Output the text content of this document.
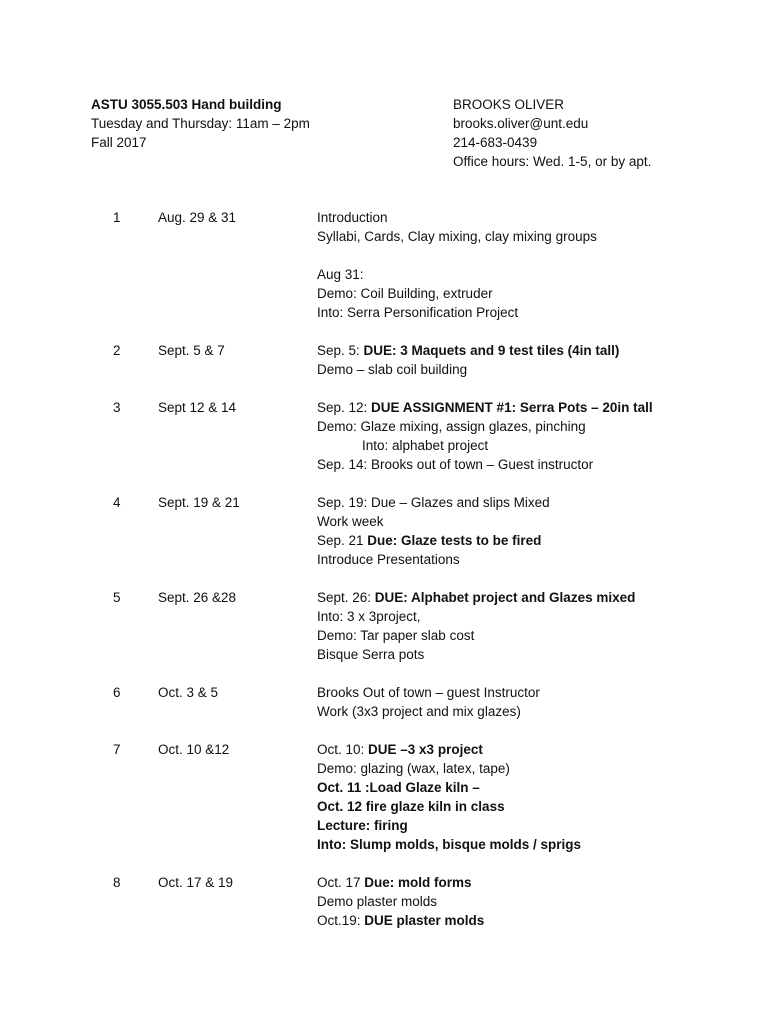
ASTU 3055.503 Hand building
Tuesday and Thursday: 11am – 2pm
Fall 2017
BROOKS OLIVER
brooks.oliver@unt.edu
214-683-0439
Office hours: Wed. 1-5, or by apt.
1	Aug. 29 & 31	Introduction
Syllabi, Cards, Clay mixing, clay mixing groups

Aug 31:
Demo: Coil Building, extruder
Into: Serra Personification Project
2	Sept. 5 & 7	Sep. 5: DUE: 3 Maquets and 9 test tiles (4in tall)
Demo – slab coil building
3	Sept 12 & 14	Sep. 12: DUE ASSIGNMENT #1: Serra Pots – 20in tall
Demo: Glaze mixing, assign glazes, pinching
Into: alphabet project
Sep. 14: Brooks out of town – Guest instructor
4	Sept. 19 & 21	Sep. 19: Due – Glazes and slips Mixed
Work week
Sep. 21 Due: Glaze tests to be fired
Introduce Presentations
5	Sept. 26 &28	Sept. 26: DUE: Alphabet project and Glazes mixed
Into: 3 x 3project,
Demo: Tar paper slab cost
Bisque Serra pots
6	Oct. 3 & 5	Brooks Out of town – guest Instructor
Work (3x3 project and mix glazes)
7	Oct. 10 &12	Oct. 10: DUE –3 x3 project
Demo: glazing (wax, latex, tape)
Oct. 11 :Load Glaze kiln –
Oct. 12 fire glaze kiln in class
Lecture: firing
Into: Slump molds, bisque molds / sprigs
8	Oct. 17 & 19	Oct. 17 Due: mold forms
Demo plaster molds
Oct.19: DUE plaster molds
